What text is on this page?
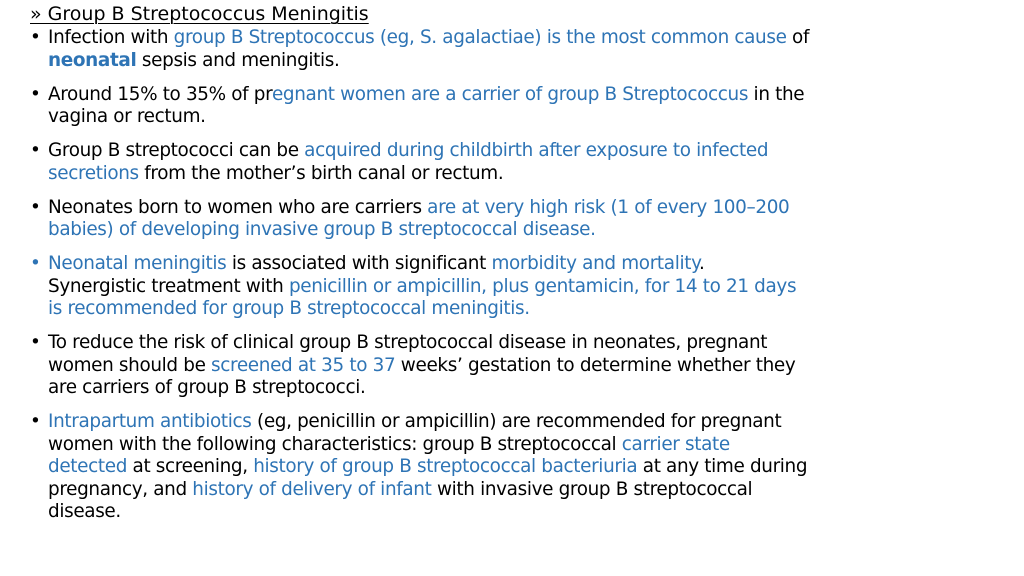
» Group B Streptococcus Meningitis
• Infection with group B Streptococcus (eg, S. agalactiae) is the most common cause of
neonatal sepsis and meningitis.
• Around 15% to 35% of pregnant women are a carrier of group B Streptococcus in the
vagina or rectum.
• Group B streptococci can be acquired during childbirth after exposure to infected
secretions from the mother’s birth canal or rectum.
• Neonates born to women who are carriers are at very high risk (1 of every 100–200
babies) of developing invasive group B streptococcal disease.
• Neonatal meningitis is associated with significant morbidity and mortality.
Synergistic treatment with penicillin or ampicillin, plus gentamicin, for 14 to 21 days
is recommended for group B streptococcal meningitis.
• To reduce the risk of clinical group B streptococcal disease in neonates, pregnant
women should be screened at 35 to 37 weeks’ gestation to determine whether they
are carriers of group B streptococci.
• Intrapartum antibiotics (eg, penicillin or ampicillin) are recommended for pregnant
women with the following characteristics: group B streptococcal carrier state
detected at screening, history of group B streptococcal bacteriuria at any time during
pregnancy, and history of delivery of infant with invasive group B streptococcal
disease.
